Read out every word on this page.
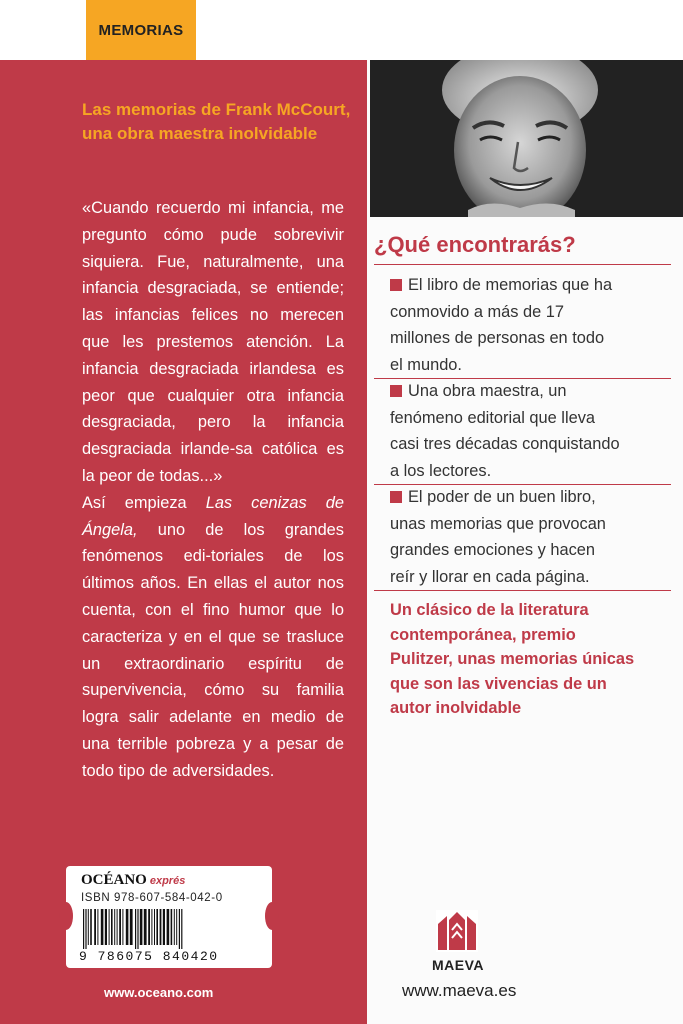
MEMORIAS
Las memorias de Frank McCourt, una obra maestra inolvidable

«Cuando recuerdo mi infancia, me pregunto cómo pude sobrevivir siquiera. Fue, naturalmente, una infancia desgraciada, se entiende; las infancias felices no merecen que les prestemos atención. La infancia desgraciada irlandesa es peor que cualquier otra infancia desgraciada, pero la infancia desgraciada irlande-sa católica es la peor de todas...»

Así empieza Las cenizas de Ángela, uno de los grandes fenómenos edi-toriales de los últimos años. En ellas el autor nos cuenta, con el fino humor que lo caracteriza y en el que se trasluce un extraordinario espíritu de supervivencia, cómo su familia logra salir adelante en medio de una terrible pobreza y a pesar de todo tipo de adversidades.

¿Qué encontrarás?
El libro de memorias que ha conmovido a más de 17 millones de personas en todo el mundo.
Una obra maestra, un fenómeno editorial que lleva casi tres décadas conquistando a los lectores.
El poder de un buen libro, unas memorias que provocan grandes emociones y hacen reír y llorar en cada página.
Un clásico de la literatura contemporánea, premio Pulitzer, unas memorias únicas que son las vivencias de un autor inolvidable
OCÉANO exprés
ISBN 978-607-584-042-0
9 786075 840420
www.oceano.com
MAEVA
www.maeva.es
